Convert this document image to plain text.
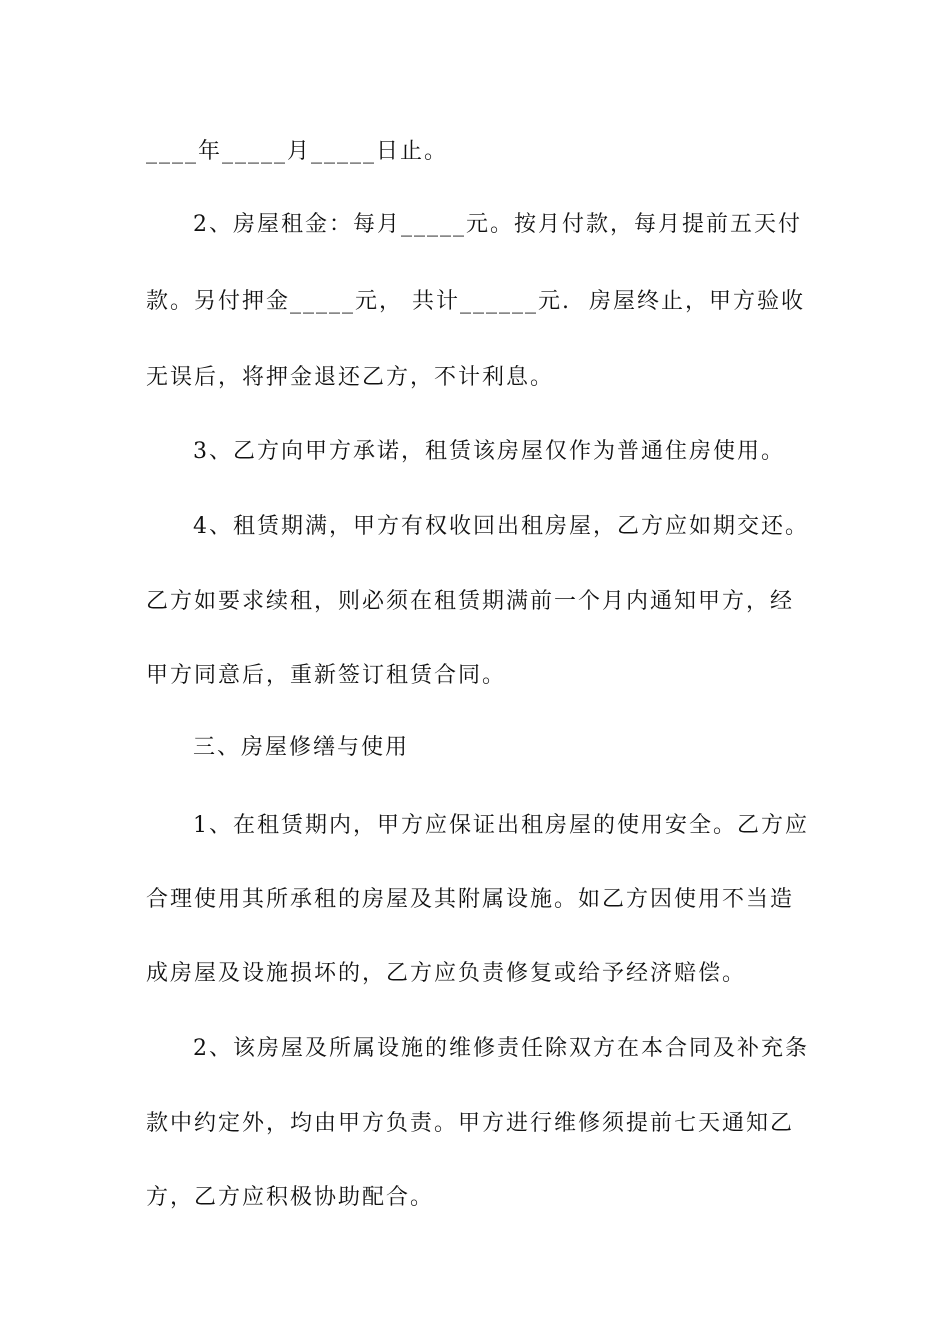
____年_____月_____日止。
2、房屋租金：每月_____元。按月付款，每月提前五天付
款。另付押金_____元， 共计______元.  房屋终止，甲方验收
无误后，将押金退还乙方，不计利息。
3、乙方向甲方承诺，租赁该房屋仅作为普通住房使用。
4、租赁期满，甲方有权收回出租房屋，乙方应如期交还。
乙方如要求续租，则必须在租赁期满前一个月内通知甲方，经
甲方同意后，重新签订租赁合同。
三、房屋修缮与使用
1、在租赁期内，甲方应保证出租房屋的使用安全。乙方应
合理使用其所承租的房屋及其附属设施。如乙方因使用不当造
成房屋及设施损坏的，乙方应负责修复或给予经济赔偿。
2、该房屋及所属设施的维修责任除双方在本合同及补充条
款中约定外，均由甲方负责。甲方进行维修须提前七天通知乙
方，乙方应积极协助配合。
